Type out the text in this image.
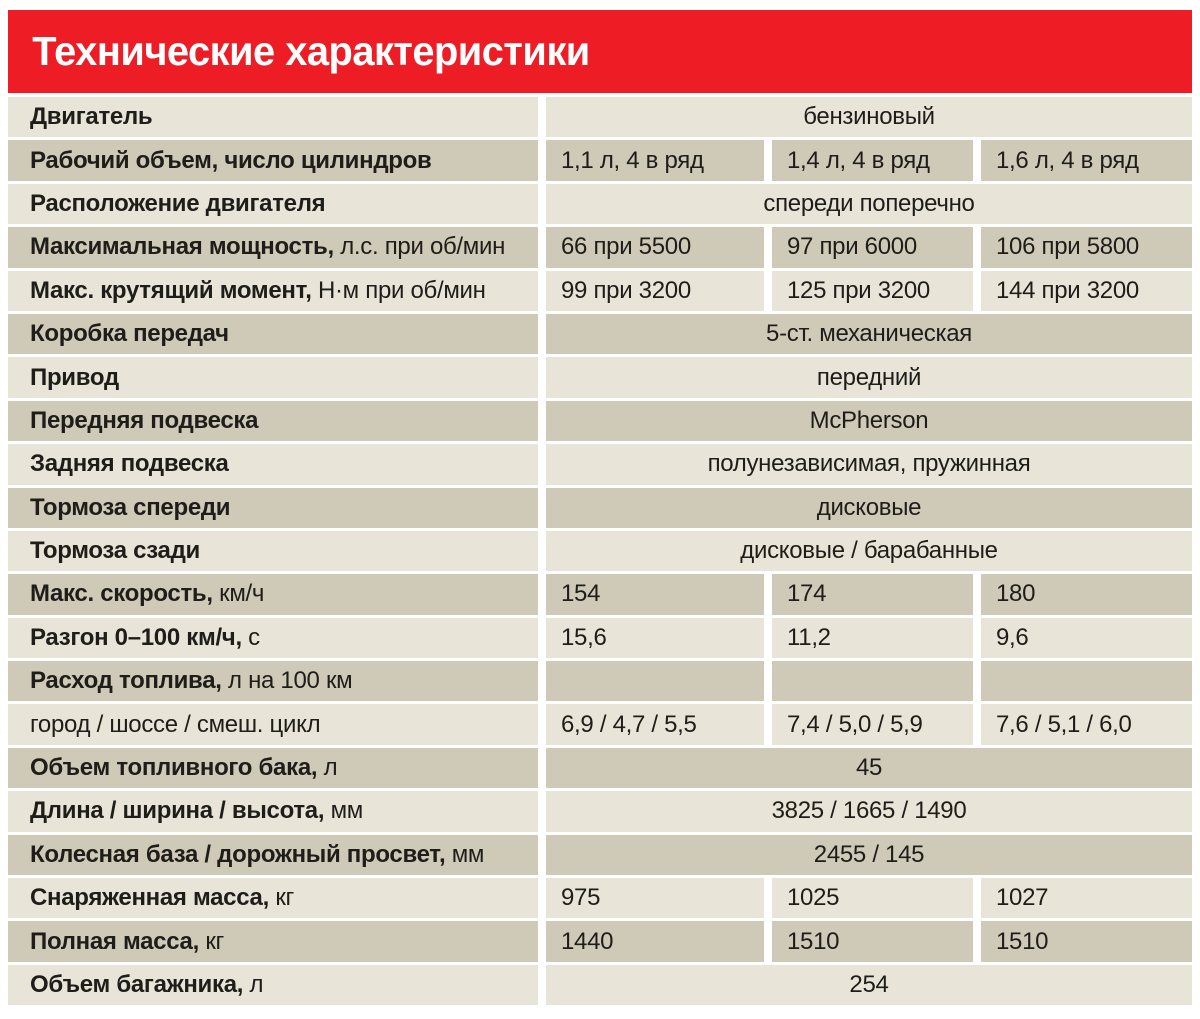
Технические характеристики
Двигатель	бензиновый
Рабочий объем, число цилиндров	1,1 л, 4 в ряд	1,4 л, 4 в ряд	1,6 л, 4 в ряд
Расположение двигателя	спереди поперечно
Максимальная мощность, л.с. при об/мин	66 при 5500	97 при 6000	106 при 5800
Макс. крутящий момент, Н·м при об/мин	99 при 3200	125 при 3200	144 при 3200
Коробка передач	5-ст. механическая
Привод	передний
Передняя подвеска	McPherson
Задняя подвеска	полунезависимая, пружинная
Тормоза спереди	дисковые
Тормоза сзади	дисковые / барабанные
Макс. скорость, км/ч	154	174	180
Разгон 0–100 км/ч, с	15,6	11,2	9,6
Расход топлива, л на 100 км
город / шоссе / смеш. цикл	6,9 / 4,7 / 5,5	7,4 / 5,0 / 5,9	7,6 / 5,1 / 6,0
Объем топливного бака, л	45
Длина / ширина / высота, мм	3825 / 1665 / 1490
Колесная база / дорожный просвет, мм	2455 / 145
Снаряженная масса, кг	975	1025	1027
Полная масса, кг	1440	1510	1510
Объем багажника, л	254
